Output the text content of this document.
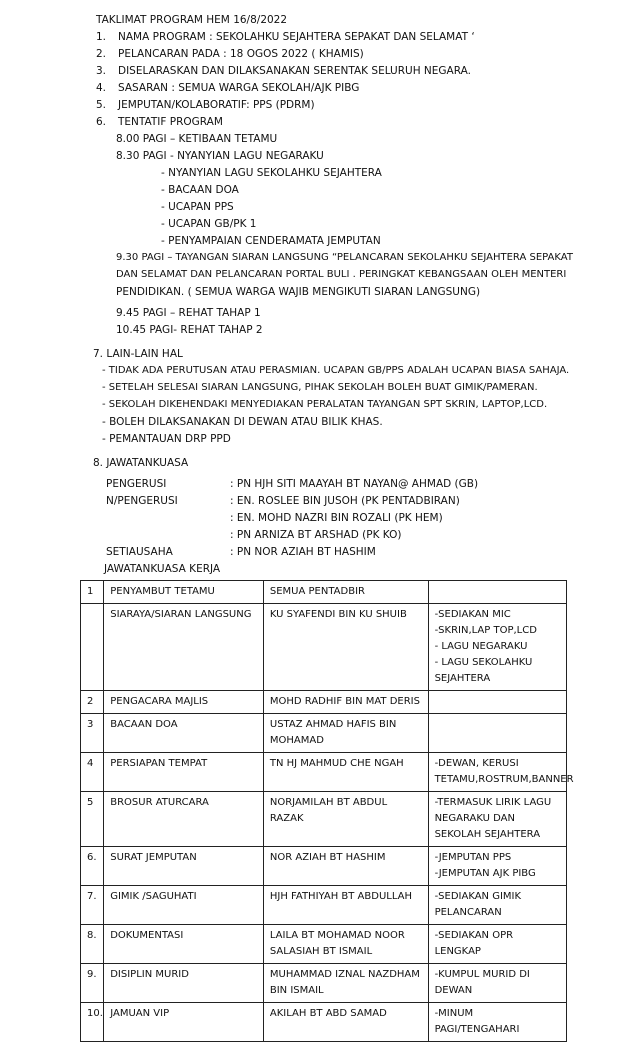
TAKLIMAT PROGRAM HEM 16/8/2022
1. NAMA PROGRAM : SEKOLAHKU SEJAHTERA SEPAKAT DAN SELAMAT ‘
2. PELANCARAN PADA : 18 OGOS 2022 ( KHAMIS)
3. DISELARASKAN DAN DILAKSANAKAN SERENTAK SELURUH NEGARA.
4. SASARAN : SEMUA WARGA SEKOLAH/AJK PIBG
5. JEMPUTAN/KOLABORATIF: PPS (PDRM)
6. TENTATIF PROGRAM
8.00 PAGI – KETIBAAN TETAMU
8.30 PAGI - NYANYIAN LAGU NEGARAKU
- NYANYIAN LAGU SEKOLAHKU SEJAHTERA
- BACAAN DOA
- UCAPAN PPS
- UCAPAN GB/PK 1
- PENYAMPAIAN CENDERAMATA JEMPUTAN
9.30 PAGI – TAYANGAN SIARAN LANGSUNG “PELANCARAN SEKOLAHKU SEJAHTERA SEPAKAT
DAN SELAMAT DAN PELANCARAN PORTAL BULI . PERINGKAT KEBANGSAAN OLEH MENTERI
PENDIDIKAN. ( SEMUA WARGA WAJIB MENGIKUTI SIARAN LANGSUNG)
9.45 PAGI – REHAT TAHAP 1
10.45 PAGI- REHAT TAHAP 2
7. LAIN-LAIN HAL
- TIDAK ADA PERUTUSAN ATAU PERASMIAN. UCAPAN GB/PPS ADALAH UCAPAN BIASA SAHAJA.
- SETELAH SELESAI SIARAN LANGSUNG, PIHAK SEKOLAH BOLEH BUAT GIMIK/PAMERAN.
- SEKOLAH DIKEHENDAKI MENYEDIAKAN PERALATAN TAYANGAN SPT SKRIN, LAPTOP,LCD.
- BOLEH DILAKSANAKAN DI DEWAN ATAU BILIK KHAS.
- PEMANTAUAN DRP PPD
8. JAWATANKUASA
PENGERUSI	: PN HJH SITI MAAYAH BT NAYAN@ AHMAD (GB)
N/PENGERUSI	: EN. ROSLEE BIN JUSOH (PK PENTADBIRAN)
: EN. MOHD NAZRI BIN ROZALI (PK HEM)
: PN ARNIZA BT ARSHAD (PK KO)
SETIAUSAHA	: PN NOR AZIAH BT HASHIM
JAWATANKUASA KERJA
1	PENYAMBUT TETAMU	SEMUA PENTADBIR	
	SIARAYA/SIARAN LANGSUNG	KU SYAFENDI BIN KU SHUIB	-SEDIAKAN MIC
-SKRIN,LAP TOP,LCD
- LAGU NEGARAKU
- LAGU SEKOLAHKU SEJAHTERA

2	PENGACARA MAJLIS	MOHD RADHIF BIN MAT DERIS	
3	BACAAN DOA	USTAZ AHMAD HAFIS BIN MOHAMAD	
4	PERSIAPAN TEMPAT	TN HJ MAHMUD CHE NGAH	-DEWAN, KERUSI TETAMU,ROSTRUM,BANNER

5	BROSUR ATURCARA	NORJAMILAH BT ABDUL RAZAK	-TERMASUK LIRIK LAGU NEGARAKU DAN SEKOLAH SEJAHTERA

6.	SURAT JEMPUTAN	NOR AZIAH BT HASHIM	-JEMPUTAN PPS
-JEMPUTAN AJK PIBG

7.	GIMIK /SAGUHATI	HJH FATHIYAH BT ABDULLAH	-SEDIAKAN GIMIK PELANCARAN

8.	DOKUMENTASI	LAILA BT MOHAMAD NOOR SALASIAH BT ISMAIL	-SEDIAKAN OPR LENGKAP

9.	DISIPLIN MURID	MUHAMMAD IZNAL NAZDHAM BIN ISMAIL	-KUMPUL MURID DI DEWAN

10.	JAMUAN VIP	AKILAH BT ABD SAMAD	-MINUM PAGI/TENGAHARI
